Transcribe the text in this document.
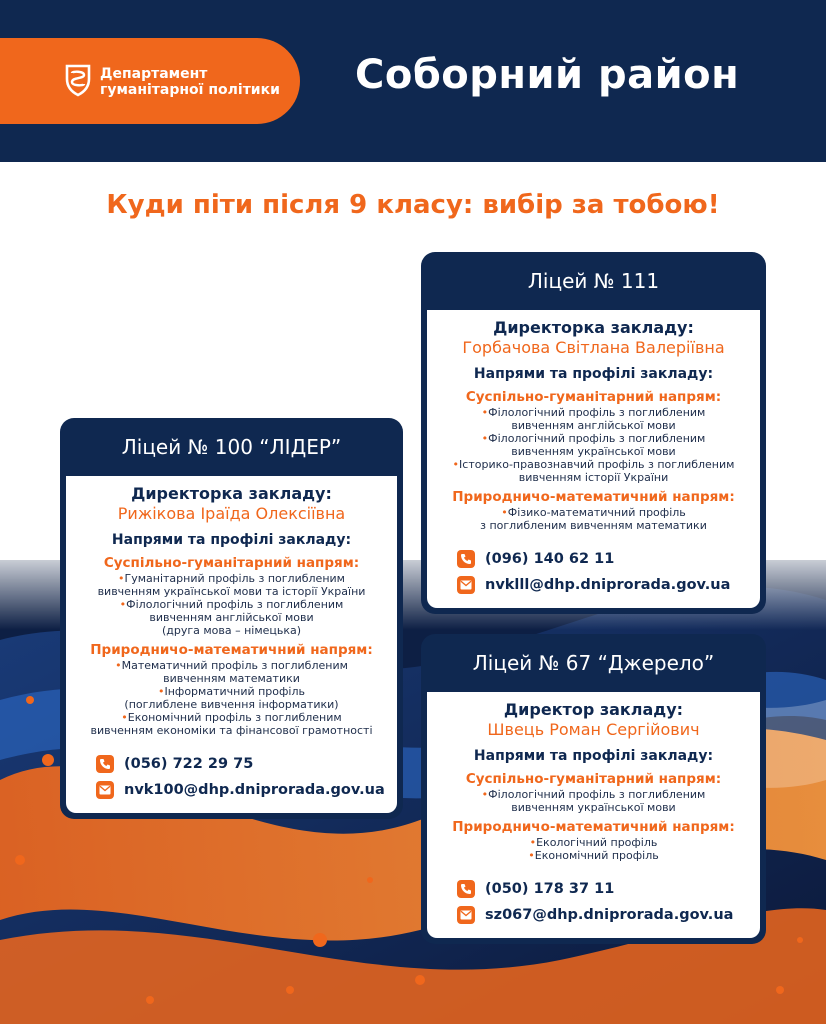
Департамент
гуманітарної політики Соборний район
Куди піти після 9 класу: вибір за тобою!
Ліцей № 100 “ЛІДЕР”
Директорка закладу:
Рижікова Іраїда Олексіївна
Напрями та профілі закладу:
Суспільно-гуманітарний напрям:
•Гуманітарний профіль з поглибленим
вивченням української мови та історії України
•Філологічний профіль з поглибленим
вивченням англійської мови
(друга мова – німецька)
Природничо-математичний напрям:
•Математичний профіль з поглибленим
вивченням математики
•Інформатичний профіль
(поглиблене вивчення інформатики)
•Економічний профіль з поглибленим
вивченням економіки та фінансової грамотності
(056) 722 29 75
nvk100@dhp.dniprorada.gov.ua
Ліцей № 111
Директорка закладу:
Горбачова Світлана Валеріївна
Напрями та профілі закладу:
Суспільно-гуманітарний напрям:
•Філологічний профіль з поглибленим
вивченням англійської мови
•Філологічний профіль з поглибленим
вивченням української мови
•Історико-правознавчий профіль з поглибленим
вивченням історії України
Природничо-математичний напрям:
•Фізико-математичний профіль
з поглибленим вивченням математики
(096) 140 62 11
nvklll@dhp.dniprorada.gov.ua
Ліцей № 67 “Джерело”
Директор закладу:
Швець Роман Сергійович
Напрями та профілі закладу:
Суспільно-гуманітарний напрям:
•Філологічний профіль з поглибленим
вивченням української мови
Природничо-математичний напрям:
•Екологічний профіль
•Економічний профіль
(050) 178 37 11
sz067@dhp.dniprorada.gov.ua
